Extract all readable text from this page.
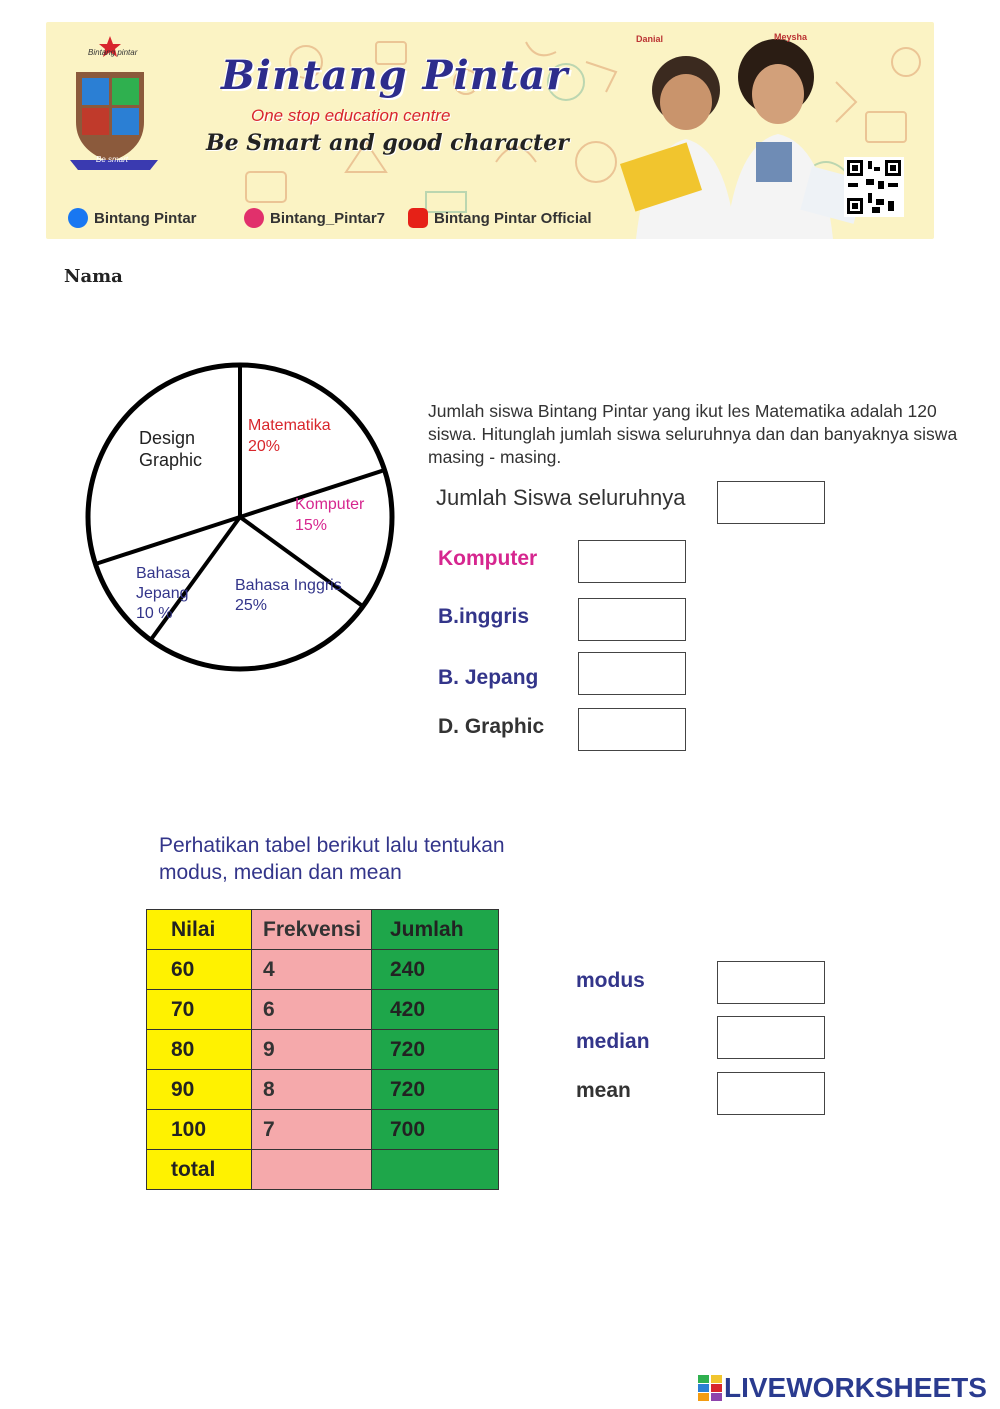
Bintang pintar
Be smart
Bintang Pintar
One stop education centre
Be Smart and good character
Bintang Pintar	Bintang_Pintar7	Bintang Pintar Official
Danial	Meysha
Nama
Design
Graphic
Matematika
20%
Komputer
15%
Bahasa Inggris
25%
Bahasa
Jepang
10 %
Jumlah siswa Bintang Pintar yang ikut les Matematika adalah 120 siswa. Hitunglah jumlah siswa seluruhnya dan dan banyaknya siswa masing - masing.
Jumlah Siswa seluruhnya
Komputer
B.inggris
B. Jepang
D. Graphic
Perhatikan tabel berikut lalu tentukan modus, median dan mean
Nilai	Frekvensi	Jumlah
60	4	240
70	6	420
80	9	720
90	8	720
100	7	700
total		
modus
median
mean
LIVEWORKSHEETS
